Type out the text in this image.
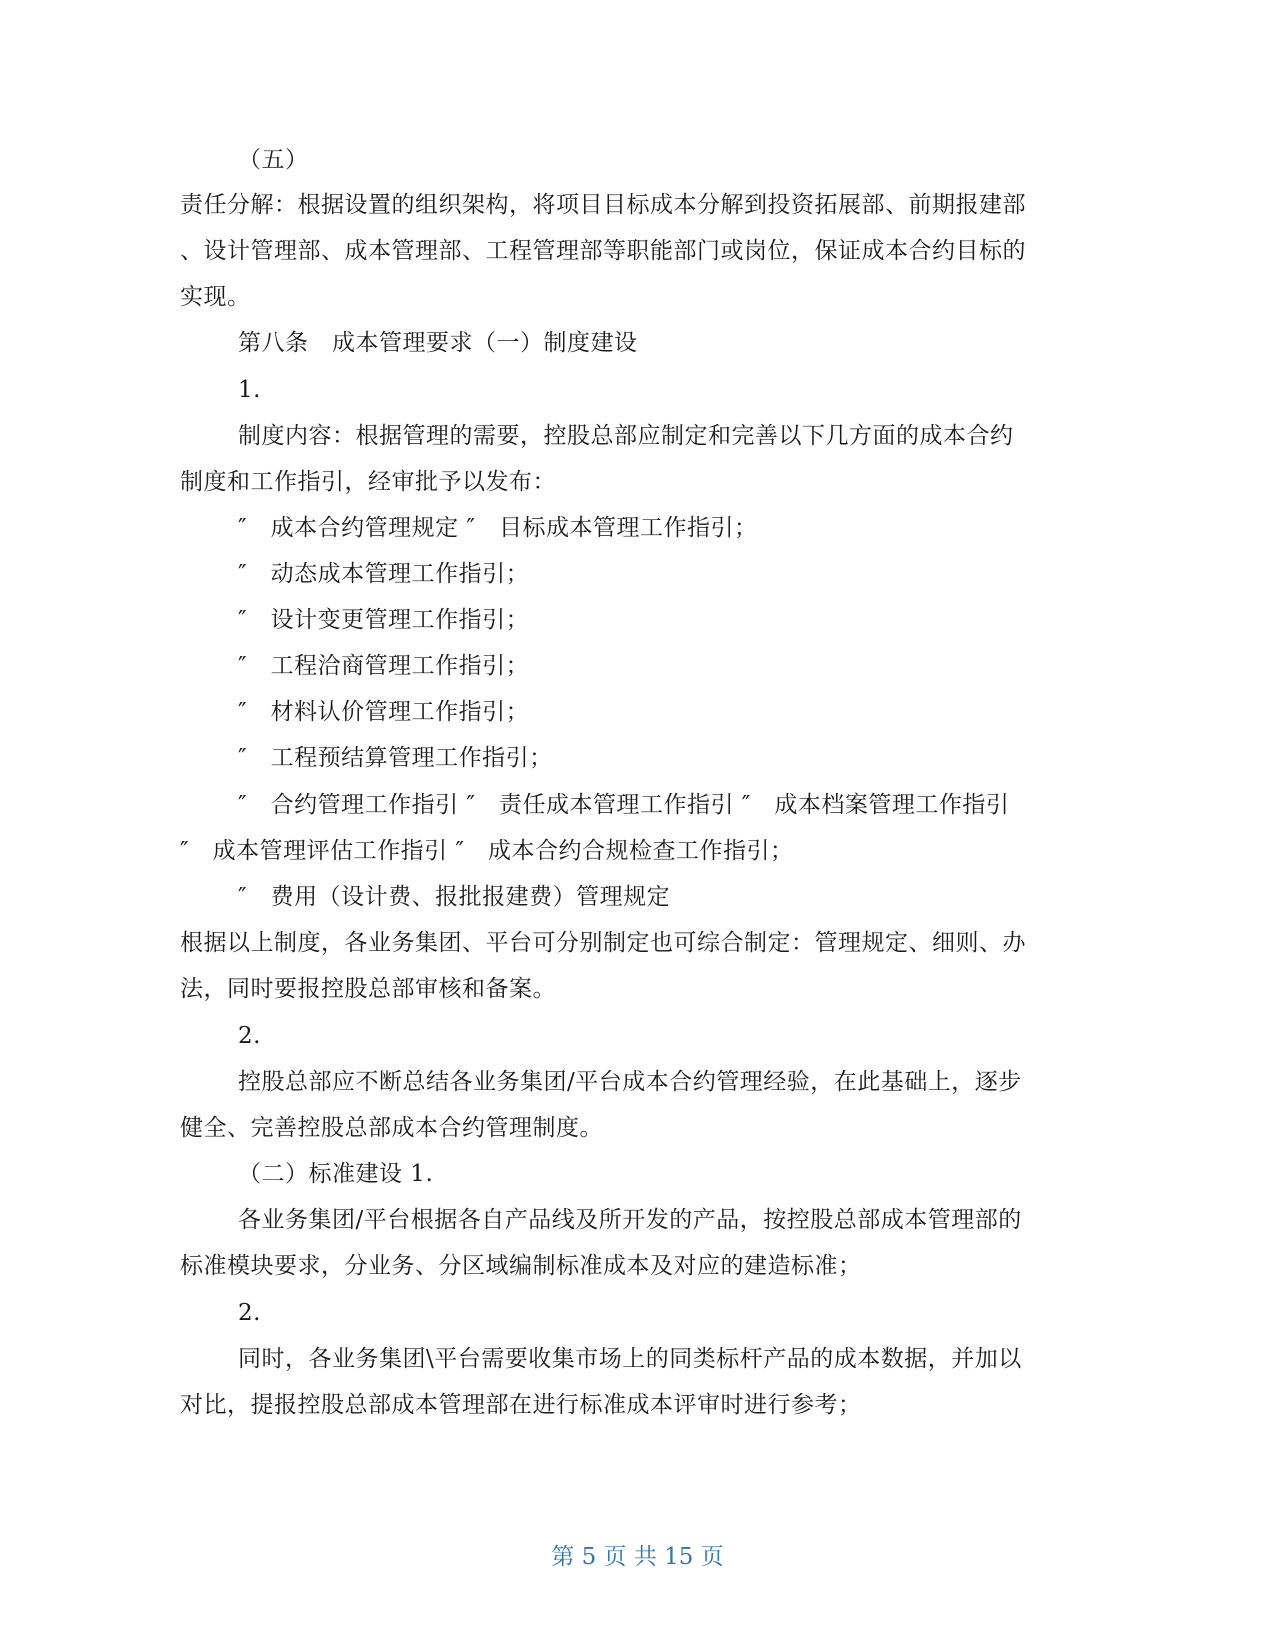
（五）
责任分解：根据设置的组织架构，将项目目标成本分解到投资拓展部、前期报建部
、设计管理部、成本管理部、工程管理部等职能部门或岗位，保证成本合约目标的
实现。
第八条　成本管理要求（一）制度建设
1.
制度内容：根据管理的需要，控股总部应制定和完善以下几方面的成本合约
制度和工作指引，经审批予以发布：
″　成本合约管理规定 ″　目标成本管理工作指引；
″　动态成本管理工作指引；
″　设计变更管理工作指引；
″　工程洽商管理工作指引；
″　材料认价管理工作指引；
″　工程预结算管理工作指引；
″　合约管理工作指引 ″　责任成本管理工作指引 ″　成本档案管理工作指引
″　成本管理评估工作指引 ″　成本合约合规检查工作指引；
″　费用（设计费、报批报建费）管理规定
根据以上制度，各业务集团、平台可分别制定也可综合制定：管理规定、细则、办
法，同时要报控股总部审核和备案。
2.
控股总部应不断总结各业务集团/平台成本合约管理经验，在此基础上，逐步
健全、完善控股总部成本合约管理制度。
（二）标准建设 1.
各业务集团/平台根据各自产品线及所开发的产品，按控股总部成本管理部的
标准模块要求，分业务、分区域编制标准成本及对应的建造标准；
2.
同时，各业务集团\平台需要收集市场上的同类标杆产品的成本数据，并加以
对比，提报控股总部成本管理部在进行标准成本评审时进行参考；
第 5 页 共 15 页
